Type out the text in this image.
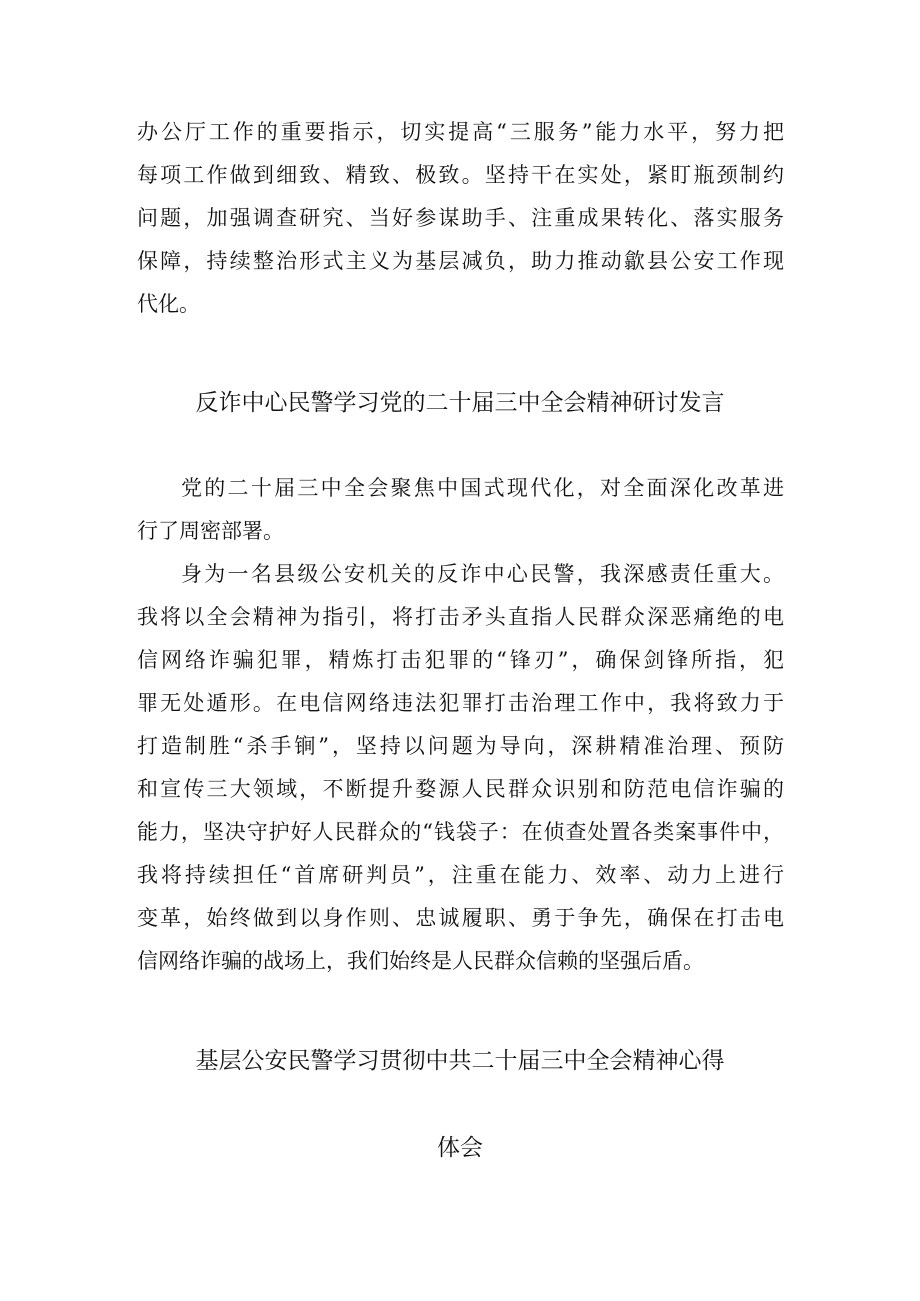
办公厅工作的重要指示，切实提高“三服务”能力水平，努力把
每项工作做到细致、精致、极致。坚持干在实处，紧盯瓶颈制约
问题，加强调查研究、当好参谋助手、注重成果转化、落实服务
保障，持续整治形式主义为基层减负，助力推动歙县公安工作现
代化。
反诈中心民警学习党的二十届三中全会精神研讨发言
党的二十届三中全会聚焦中国式现代化，对全面深化改革进
行了周密部署。
身为一名县级公安机关的反诈中心民警，我深感责任重大。
我将以全会精神为指引，将打击矛头直指人民群众深恶痛绝的电
信网络诈骗犯罪，精炼打击犯罪的“锋刃”，确保剑锋所指，犯
罪无处遁形。在电信网络违法犯罪打击治理工作中，我将致力于
打造制胜“杀手锏”，坚持以问题为导向，深耕精准治理、预防
和宣传三大领域，不断提升婺源人民群众识别和防范电信诈骗的
能力，坚决守护好人民群众的“钱袋子：在侦查处置各类案事件中，
我将持续担任“首席研判员”，注重在能力、效率、动力上进行
变革，始终做到以身作则、忠诚履职、勇于争先，确保在打击电
信网络诈骗的战场上，我们始终是人民群众信赖的坚强后盾。
基层公安民警学习贯彻中共二十届三中全会精神心得
体会
